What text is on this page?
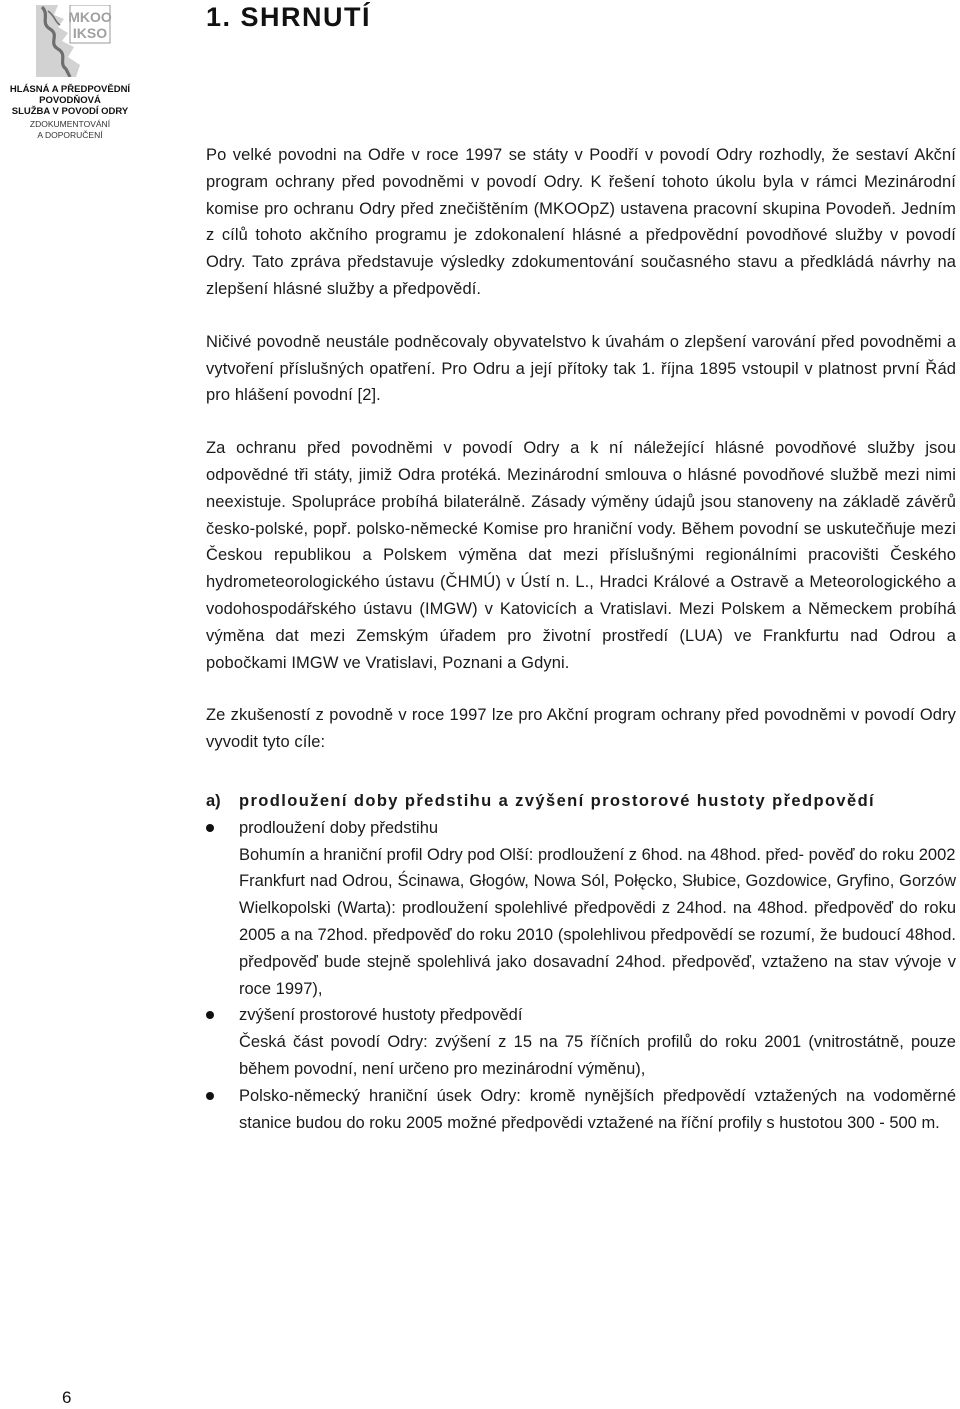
MKOO
IKSO
1. SHRNUTÍ
HLÁSNÁ A PŘEDPOVĚDNÍ
POVODŇOVÁ
SLUŽBA V POVODÍ ODRY
ZDOKUMENTOVÁNÍ
A DOPORUČENÍ

Po velké povodni na Odře v roce 1997 se státy v Poodří v povodí Odry rozhodly, že sestaví Akční program ochrany před povodněmi v povodí Odry. K řešení tohoto úkolu byla v rámci Mezinárodní komise pro ochranu Odry před znečištěním (MKOOpZ) ustavena pracovní skupina Povodeň. Jedním z cílů tohoto akčního programu je zdokonalení hlásné a předpovědní povodňové služby v povodí Odry. Tato zpráva představuje výsledky zdokumentování současného stavu a předkládá návrhy na zlepšení hlásné služby a předpovědí.

Ničivé povodně neustále podněcovaly obyvatelstvo k úvahám o zlepšení varování před povodněmi a vytvoření příslušných opatření. Pro Odru a její přítoky tak 1. října 1895 vstoupil v platnost první Řád pro hlášení povodní [2].

Za ochranu před povodněmi v povodí Odry a k ní náležející hlásné povodňové služby jsou odpovědné tři státy, jimiž Odra protéká. Mezinárodní smlouva o hlásné povodňové službě mezi nimi neexistuje. Spolupráce probíhá bilaterálně. Zásady výměny údajů jsou stanoveny na základě závěrů česko-polské, popř. polsko-německé Komise pro hraniční vody. Během povodní se uskutečňuje mezi Českou republikou a Polskem výměna dat mezi příslušnými regionálními pracovišti Českého hydrometeorologického ústavu (ČHMÚ) v Ústí n. L., Hradci Králové a Ostravě a Meteorologického a vodohospodářského ústavu (IMGW) v Katovicích a Vratislavi. Mezi Polskem a Německem probíhá výměna dat mezi Zemským úřadem pro životní prostředí (LUA) ve Frankfurtu nad Odrou a pobočkami IMGW ve Vratislavi, Poznani a Gdyni.

Ze zkušeností z povodně v roce 1997 lze pro Akční program ochrany před povodněmi v povodí Odry vyvodit tyto cíle:

a)	prodloužení doby předstihu a zvýšení prostorové hustoty předpovědí
prodloužení doby předstihu
Bohumín a hraniční profil Odry pod Olší: prodloužení z 6hod. na 48hod. před- pověď do roku 2002
Frankfurt nad Odrou, Ścinawa, Głogów, Nowa Sól, Połęcko, Słubice, Gozdowice, Gryfino, Gorzów Wielkopolski (Warta): prodloužení spolehlivé předpovědi z 24hod. na 48hod. předpověď do roku 2005 a na 72hod. předpověď do roku 2010 (spolehlivou předpovědí se rozumí, že budoucí 48hod. předpověď bude stejně spolehlivá jako dosavadní 24hod. předpověď, vztaženo na stav vývoje v roce 1997),
zvýšení prostorové hustoty předpovědí
Česká část povodí Odry: zvýšení z 15 na 75 říčních profilů do roku 2001 (vnitrostátně, pouze během povodní, není určeno pro mezinárodní výměnu),
Polsko-německý hraniční úsek Odry: kromě nynějších předpovědí vztažených na vodoměrné stanice budou do roku 2005 možné předpovědi vztažené na říční profily s hustotou 300 - 500 m.
6
